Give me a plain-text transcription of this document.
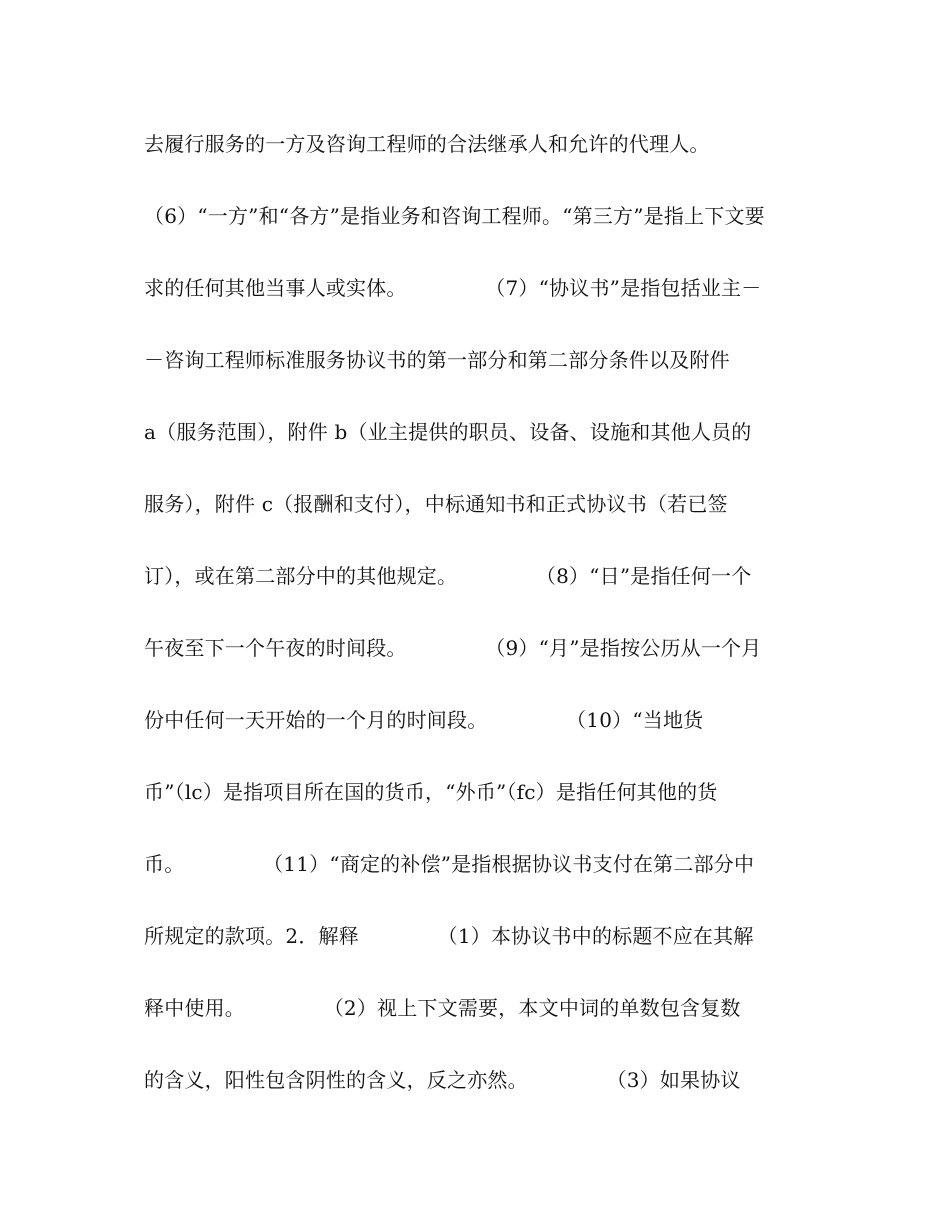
去履行服务的一方及咨询工程师的合法继承人和允许的代理人。
（6）“一方”和“各方”是指业务和咨询工程师。“第三方”是指上下文要
求的任何其他当事人或实体。            （7）“协议书”是指包括业主－
－咨询工程师标准服务协议书的第一部分和第二部分条件以及附件
a（服务范围），附件 b（业主提供的职员、设备、设施和其他人员的
服务），附件 c（报酬和支付），中标通知书和正式协议书（若已签
订），或在第二部分中的其他规定。            （8）“日”是指任何一个
午夜至下一个午夜的时间段。            （9）“月”是指按公历从一个月
份中任何一天开始的一个月的时间段。            （10）“当地货
币”（lc）是指项目所在国的货币，“外币”（fc）是指任何其他的货
币。            （11）“商定的补偿”是指根据协议书支付在第二部分中
所规定的款项。2．解释            （1）本协议书中的标题不应在其解
释中使用。            （2）视上下文需要，本文中词的单数包含复数
的含义，阳性包含阴性的含义，反之亦然。            （3）如果协议
